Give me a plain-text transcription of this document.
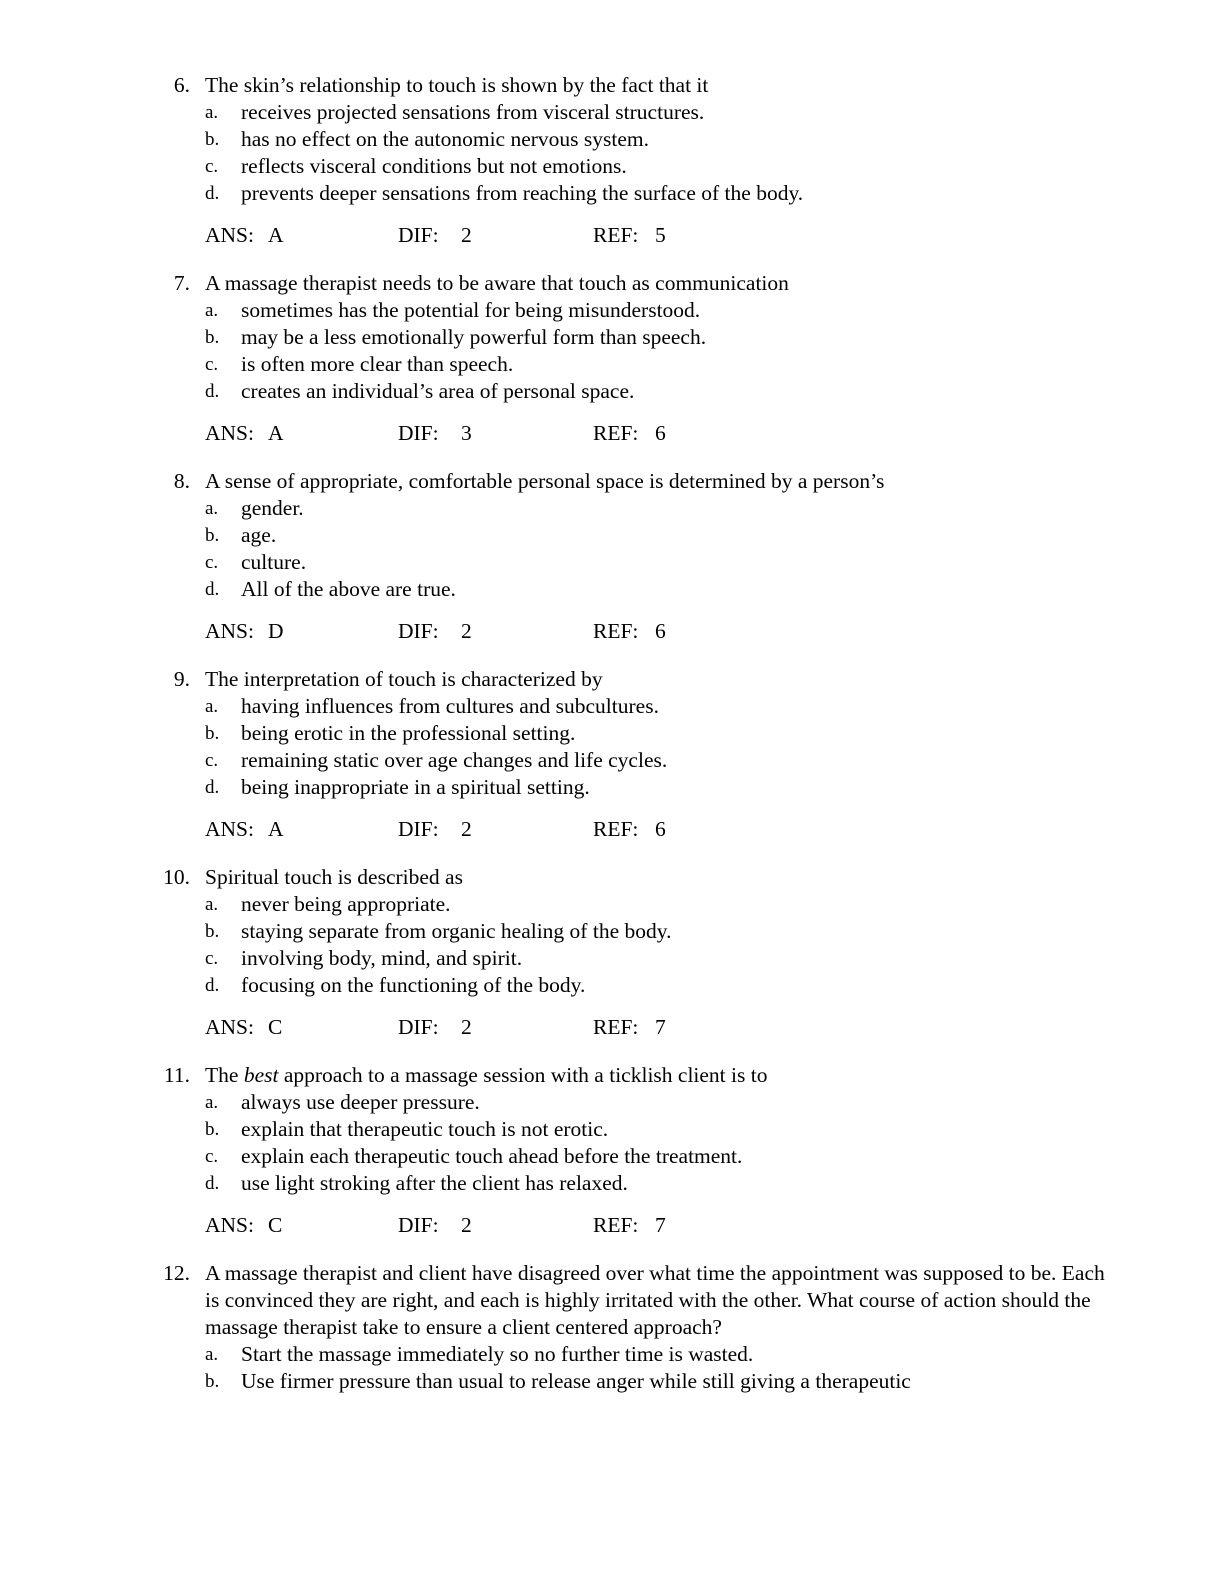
6. The skin’s relationship to touch is shown by the fact that it
a. receives projected sensations from visceral structures.
b. has no effect on the autonomic nervous system.
c. reflects visceral conditions but not emotions.
d. prevents deeper sensations from reaching the surface of the body.
ANS: A	DIF: 2	REF: 5
7. A massage therapist needs to be aware that touch as communication
a. sometimes has the potential for being misunderstood.
b. may be a less emotionally powerful form than speech.
c. is often more clear than speech.
d. creates an individual’s area of personal space.
ANS: A	DIF: 3	REF: 6
8. A sense of appropriate, comfortable personal space is determined by a person’s
a. gender.
b. age.
c. culture.
d. All of the above are true.
ANS: D	DIF: 2	REF: 6
9. The interpretation of touch is characterized by
a. having influences from cultures and subcultures.
b. being erotic in the professional setting.
c. remaining static over age changes and life cycles.
d. being inappropriate in a spiritual setting.
ANS: A	DIF: 2	REF: 6
10. Spiritual touch is described as
a. never being appropriate.
b. staying separate from organic healing of the body.
c. involving body, mind, and spirit.
d. focusing on the functioning of the body.
ANS: C	DIF: 2	REF: 7
11. The best approach to a massage session with a ticklish client is to
a. always use deeper pressure.
b. explain that therapeutic touch is not erotic.
c. explain each therapeutic touch ahead before the treatment.
d. use light stroking after the client has relaxed.
ANS: C	DIF: 2	REF: 7
12. A massage therapist and client have disagreed over what time the appointment was supposed to be. Each is convinced they are right, and each is highly irritated with the other. What course of action should the massage therapist take to ensure a client centered approach?
a. Start the massage immediately so no further time is wasted.
b. Use firmer pressure than usual to release anger while still giving a therapeutic
